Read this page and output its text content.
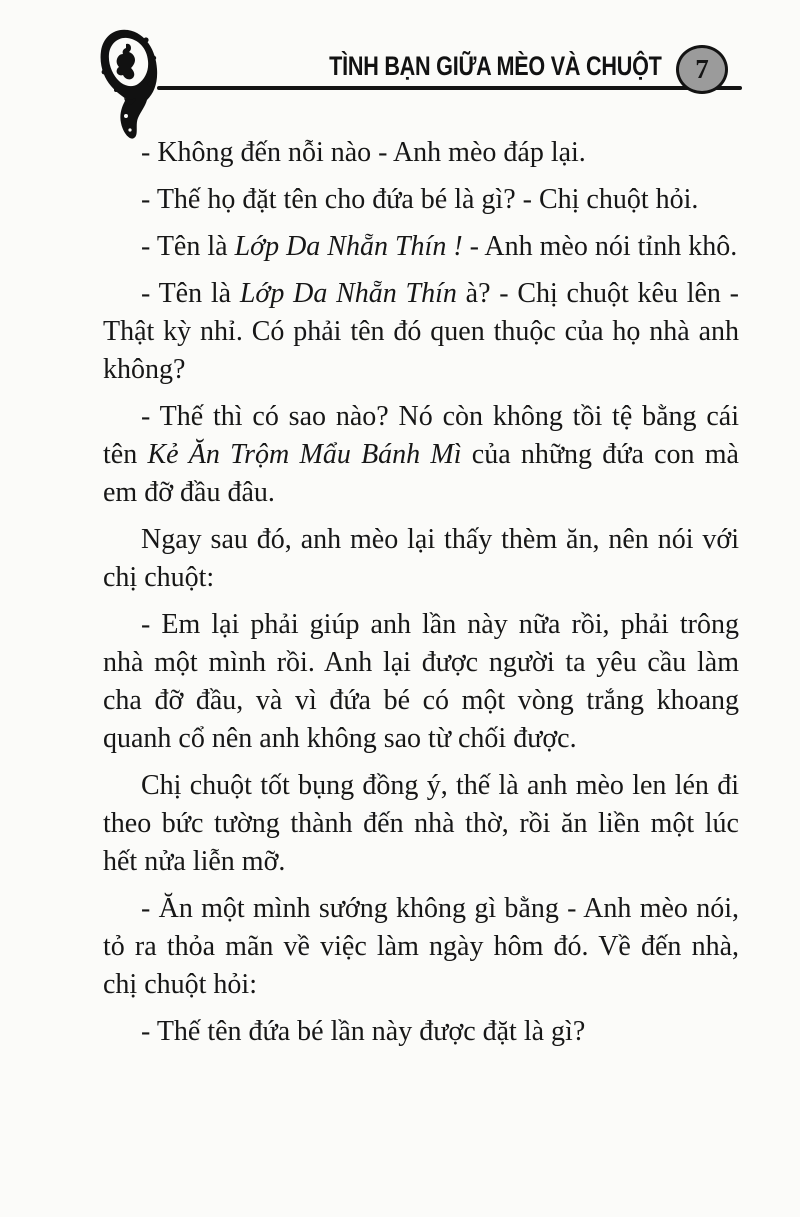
TÌNH BẠN GIỮA MÈO VÀ CHUỘT 7

- Không đến nỗi nào - Anh mèo đáp lại.

- Thế họ đặt tên cho đứa bé là gì? - Chị chuột hỏi.

- Tên là Lớp Da Nhẵn Thín ! - Anh mèo nói tỉnh khô.

- Tên là Lớp Da Nhẵn Thín à? - Chị chuột kêu lên - Thật kỳ nhỉ. Có phải tên đó quen thuộc của họ nhà anh không?

- Thế thì có sao nào? Nó còn không tồi tệ bằng cái tên Kẻ Ăn Trộm Mẩu Bánh Mì của những đứa con mà em đỡ đầu đâu.

Ngay sau đó, anh mèo lại thấy thèm ăn, nên nói với chị chuột:

- Em lại phải giúp anh lần này nữa rồi, phải trông nhà một mình rồi. Anh lại được người ta yêu cầu làm cha đỡ đầu, và vì đứa bé có một vòng trắng khoang quanh cổ nên anh không sao từ chối được.

Chị chuột tốt bụng đồng ý, thế là anh mèo len lén đi theo bức tường thành đến nhà thờ, rồi ăn liền một lúc hết nửa liễn mỡ.

- Ăn một mình sướng không gì bằng - Anh mèo nói, tỏ ra thỏa mãn về việc làm ngày hôm đó. Về đến nhà, chị chuột hỏi:

- Thế tên đứa bé lần này được đặt là gì?
